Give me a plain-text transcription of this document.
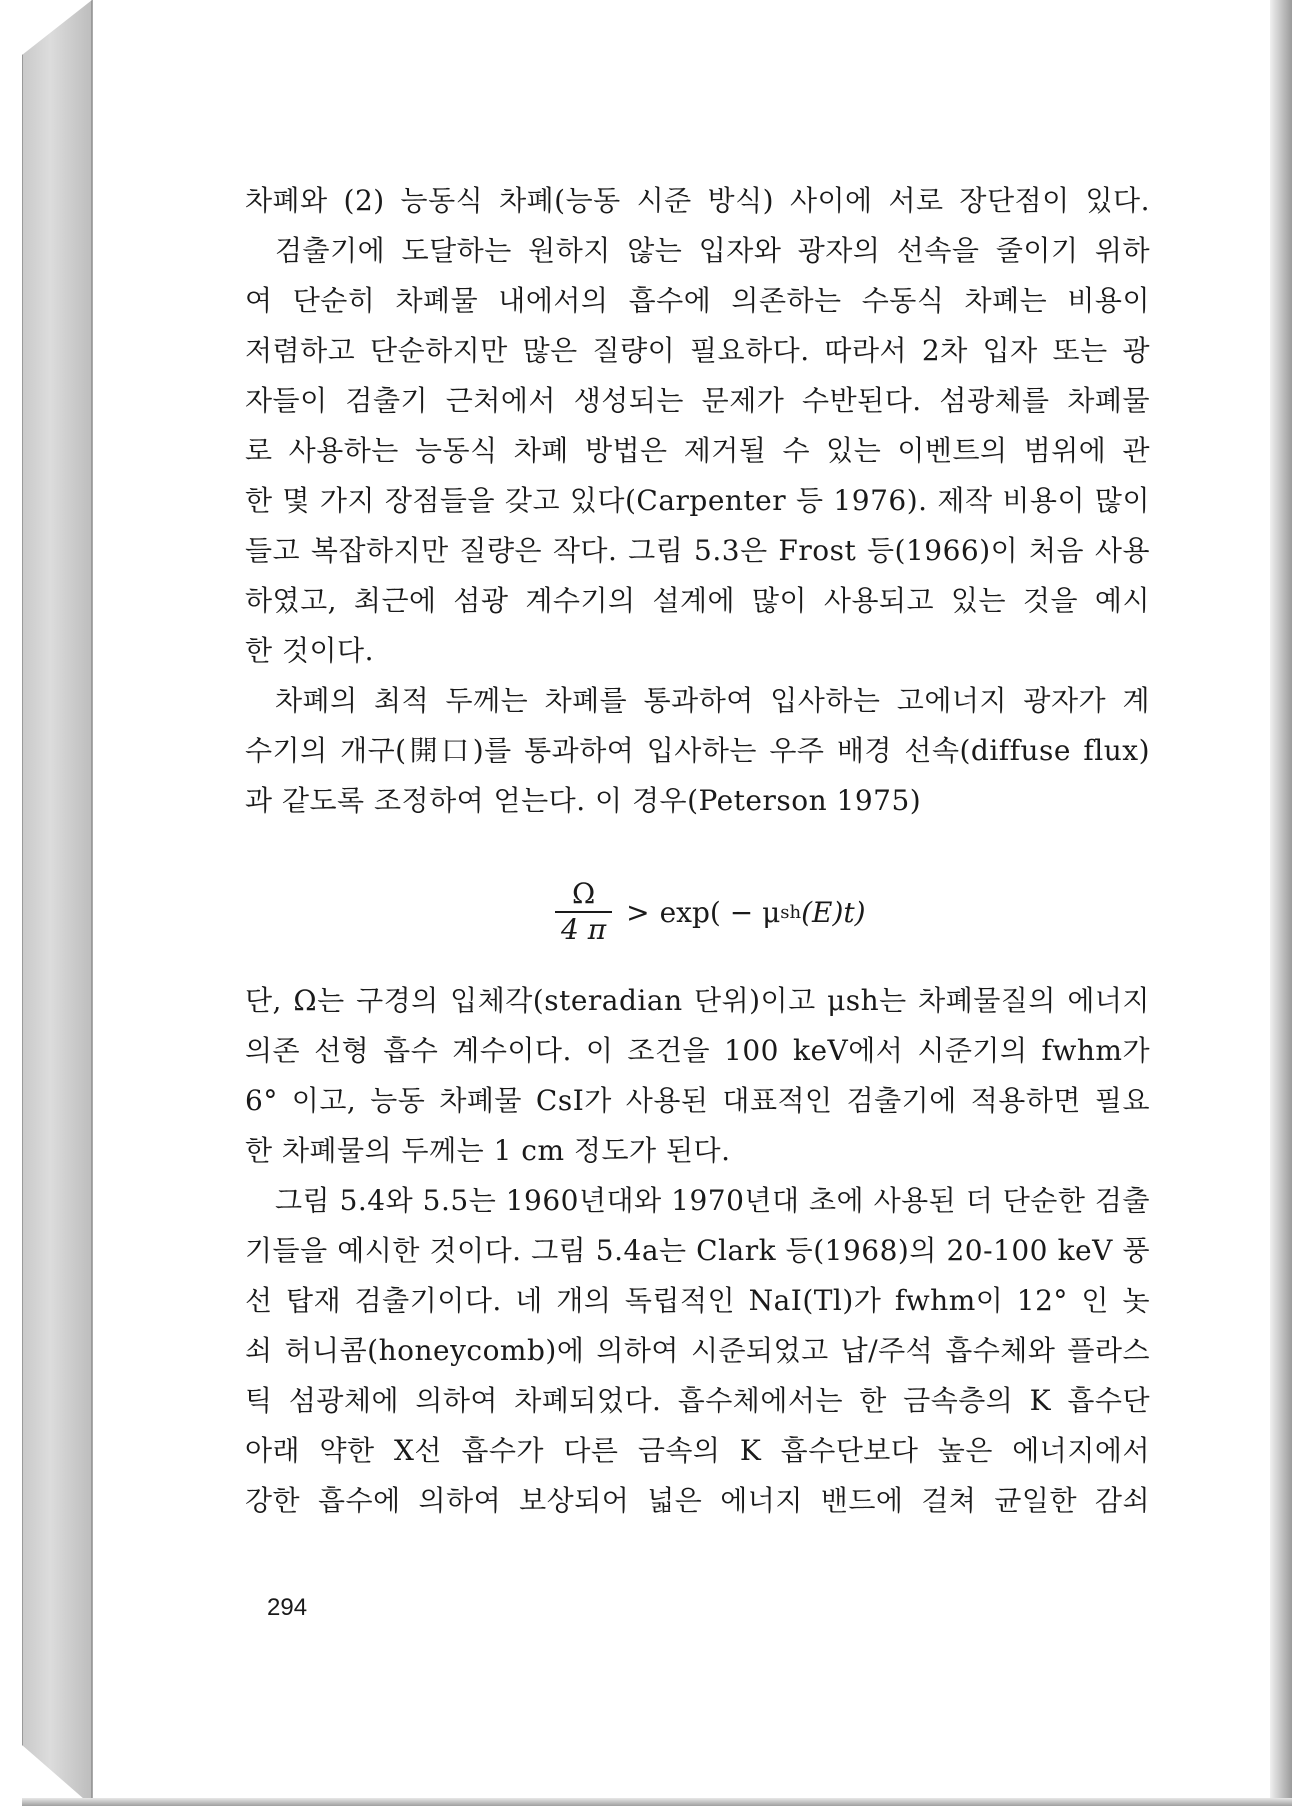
차폐와 (2) 능동식 차폐(능동 시준 방식) 사이에 서로 장단점이 있다.
검출기에 도달하는 원하지 않는 입자와 광자의 선속을 줄이기 위하
여 단순히 차폐물 내에서의 흡수에 의존하는 수동식 차폐는 비용이
저렴하고 단순하지만 많은 질량이 필요하다. 따라서 2차 입자 또는 광
자들이 검출기 근처에서 생성되는 문제가 수반된다. 섬광체를 차폐물
로 사용하는 능동식 차폐 방법은 제거될 수 있는 이벤트의 범위에 관
한 몇 가지 장점들을 갖고 있다(Carpenter 등 1976). 제작 비용이 많이
들고 복잡하지만 질량은 작다. 그림 5.3은 Frost 등(1966)이 처음 사용
하였고, 최근에 섬광 계수기의 설계에 많이 사용되고 있는 것을 예시
한 것이다.
차폐의 최적 두께는 차폐를 통과하여 입사하는 고에너지 광자가 계
수기의 개구(開口)를 통과하여 입사하는 우주 배경 선속(diffuse flux)
과 같도록 조정하여 얻는다. 이 경우(Peterson 1975)
$\frac{\Omega}{4 \pi} > \exp( - \mu$ sh (E)t)
단, Ω는 구경의 입체각(steradian 단위)이고 μsh는 차폐물질의 에너지
의존 선형 흡수 계수이다. 이 조건을 100 keV에서 시준기의 fwhm가
6° 이고, 능동 차폐물 CsI가 사용된 대표적인 검출기에 적용하면 필요
한 차폐물의 두께는 1 cm 정도가 된다.
그림 5.4와 5.5는 1960년대와 1970년대 초에 사용된 더 단순한 검출
기들을 예시한 것이다. 그림 5.4a는 Clark 등(1968)의 20-100 keV 풍
선 탑재 검출기이다. 네 개의 독립적인 NaI(Tl)가 fwhm이 12° 인 놋
쇠 허니콤(honeycomb)에 의하여 시준되었고 납/주석 흡수체와 플라스
틱 섬광체에 의하여 차폐되었다. 흡수체에서는 한 금속층의 K 흡수단
아래 약한 X선 흡수가 다른 금속의 K 흡수단보다 높은 에너지에서
강한 흡수에 의하여 보상되어 넓은 에너지 밴드에 걸쳐 균일한 감쇠
294
